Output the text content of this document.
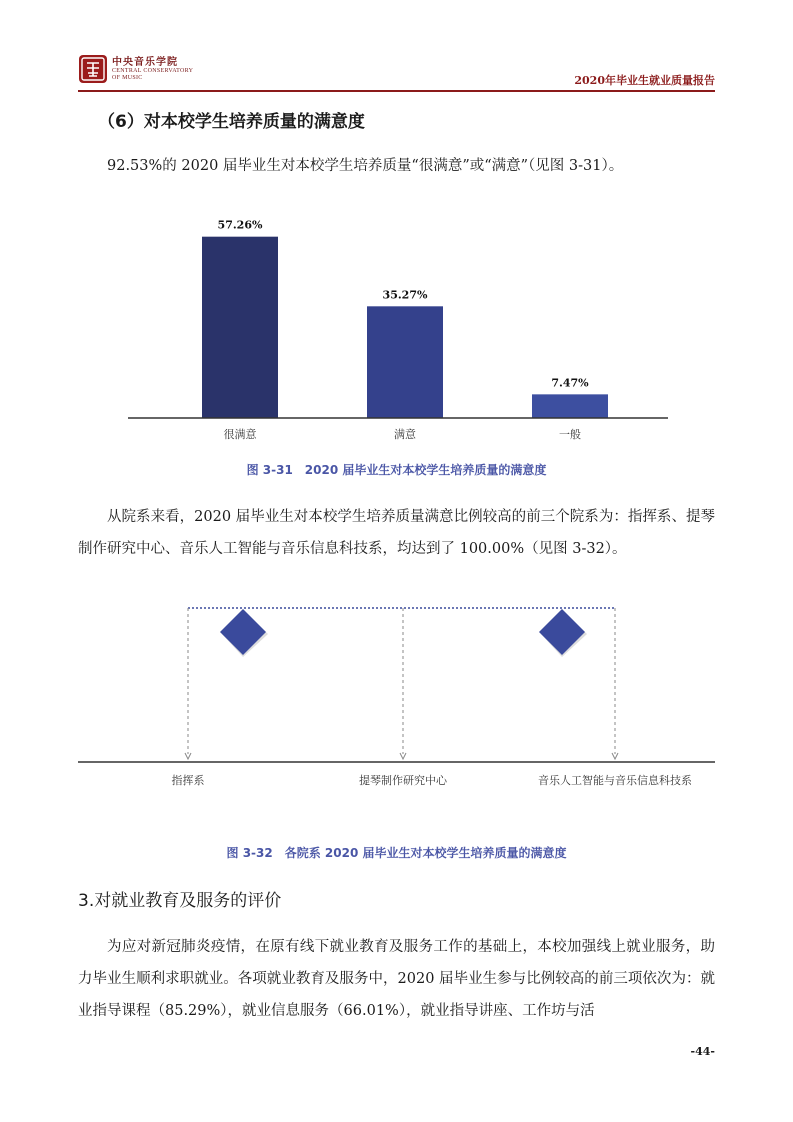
中央音乐学院
CENTRAL CONSERVATORY
OF MUSIC	2020年毕业生就业质量报告
（6）对本校学生培养质量的满意度

92.53%的 2020 届毕业生对本校学生培养质量“很满意”或“满意”（见图 3-31）。

57.26%
很满意
35.27%
满意
7.47%
一般
图 3-31　2020 届毕业生对本校学生培养质量的满意度

从院系来看，2020 届毕业生对本校学生培养质量满意比例较高的前三个院系为：指挥系、提琴制作研究中心、音乐人工智能与音乐信息科技系，均达到了 100.00%（见图 3-32）。

指挥系	提琴制作研究中心	音乐人工智能与音乐信息科技系
图 3-32　各院系 2020 届毕业生对本校学生培养质量的满意度
3.对就业教育及服务的评价

为应对新冠肺炎疫情，在原有线下就业教育及服务工作的基础上，本校加强线上就业服务，助力毕业生顺利求职就业。各项就业教育及服务中，2020 届毕业生参与比例较高的前三项依次为：就业指导课程（85.29%），就业信息服务（66.01%），就业指导讲座、工作坊与活

-44-
